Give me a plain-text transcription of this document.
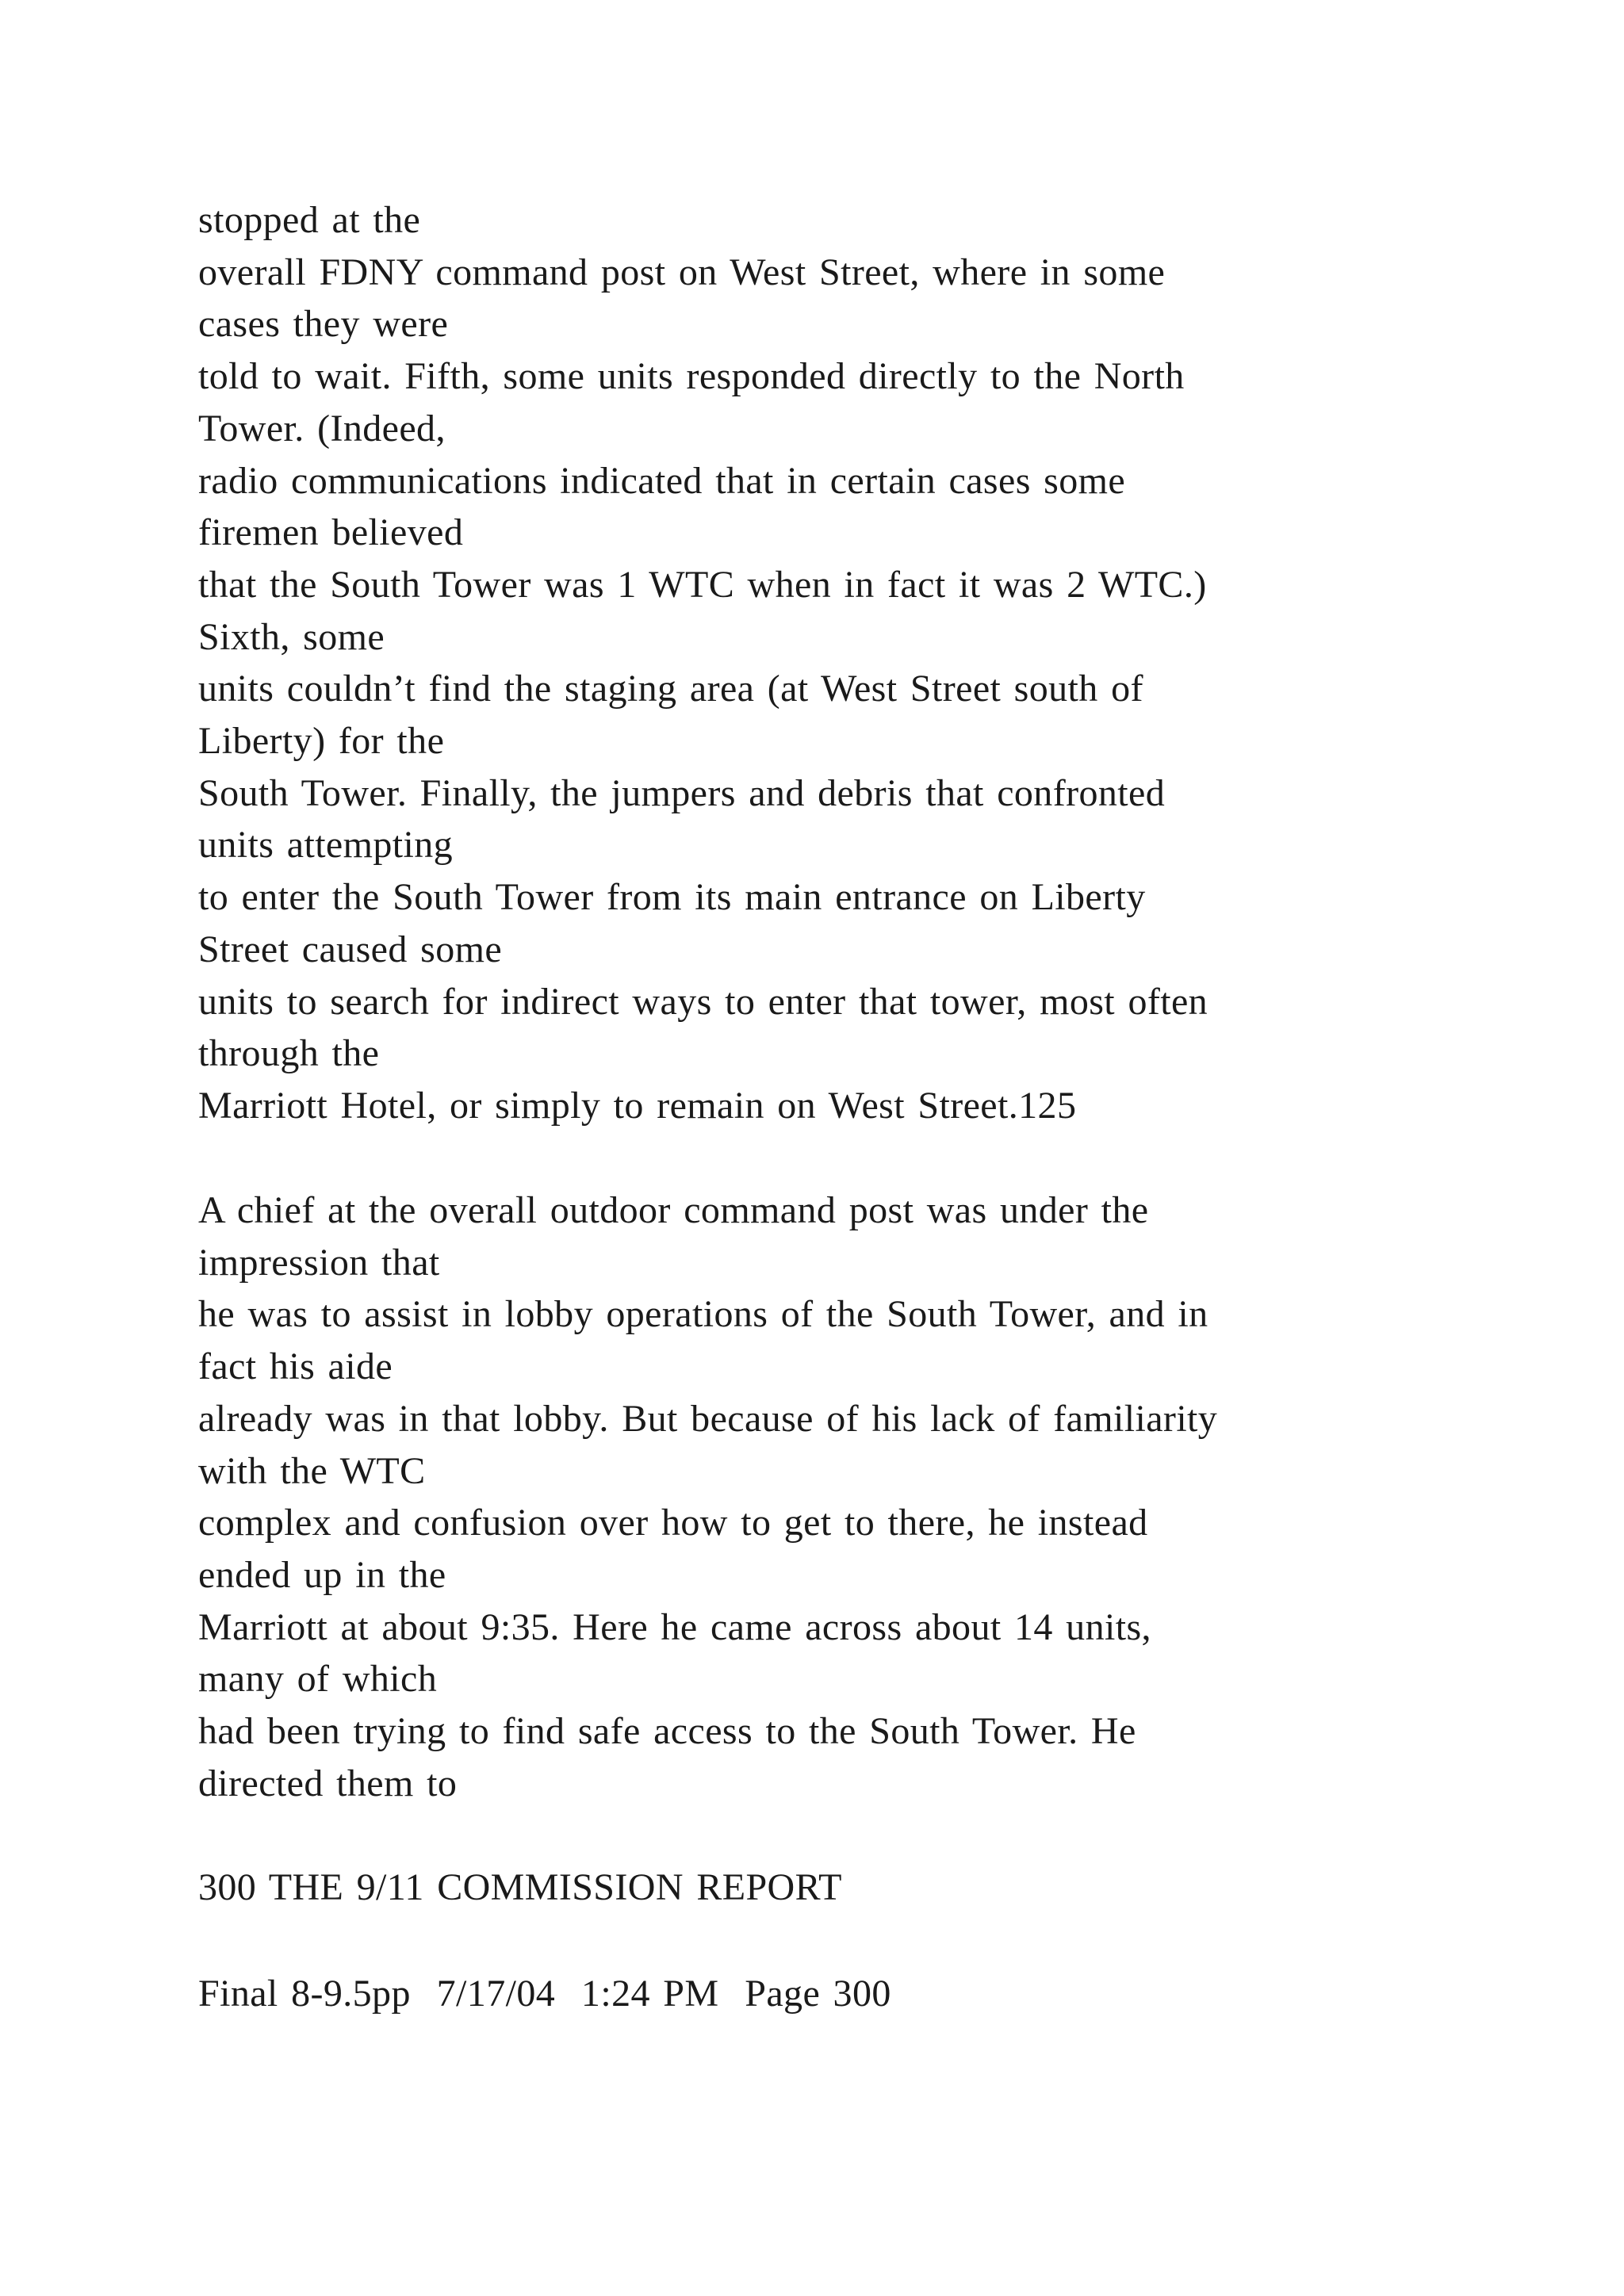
stopped at the
overall FDNY command post on West Street, where in some
cases they were
told to wait. Fifth, some units responded directly to the North
Tower. (Indeed,
radio communications indicated that in certain cases some
firemen believed
that the South Tower was 1 WTC when in fact it was 2 WTC.)
Sixth, some
units couldn’t find the staging area (at West Street south of
Liberty) for the
South Tower. Finally, the jumpers and debris that confronted
units attempting
to enter the South Tower from its main entrance on Liberty
Street caused some
units to search for indirect ways to enter that tower, most often
through the
Marriott Hotel, or simply to remain on West Street.125
A chief at the overall outdoor command post was under the
impression that
he was to assist in lobby operations of the South Tower, and in
fact his aide
already was in that lobby. But because of his lack of familiarity
with the WTC
complex and confusion over how to get to there, he instead
ended up in the
Marriott at about 9:35. Here he came across about 14 units,
many of which
had been trying to find safe access to the South Tower. He
directed them to
300 THE 9/11 COMMISSION REPORT
Final 8-9.5pp  7/17/04  1:24 PM  Page 300
